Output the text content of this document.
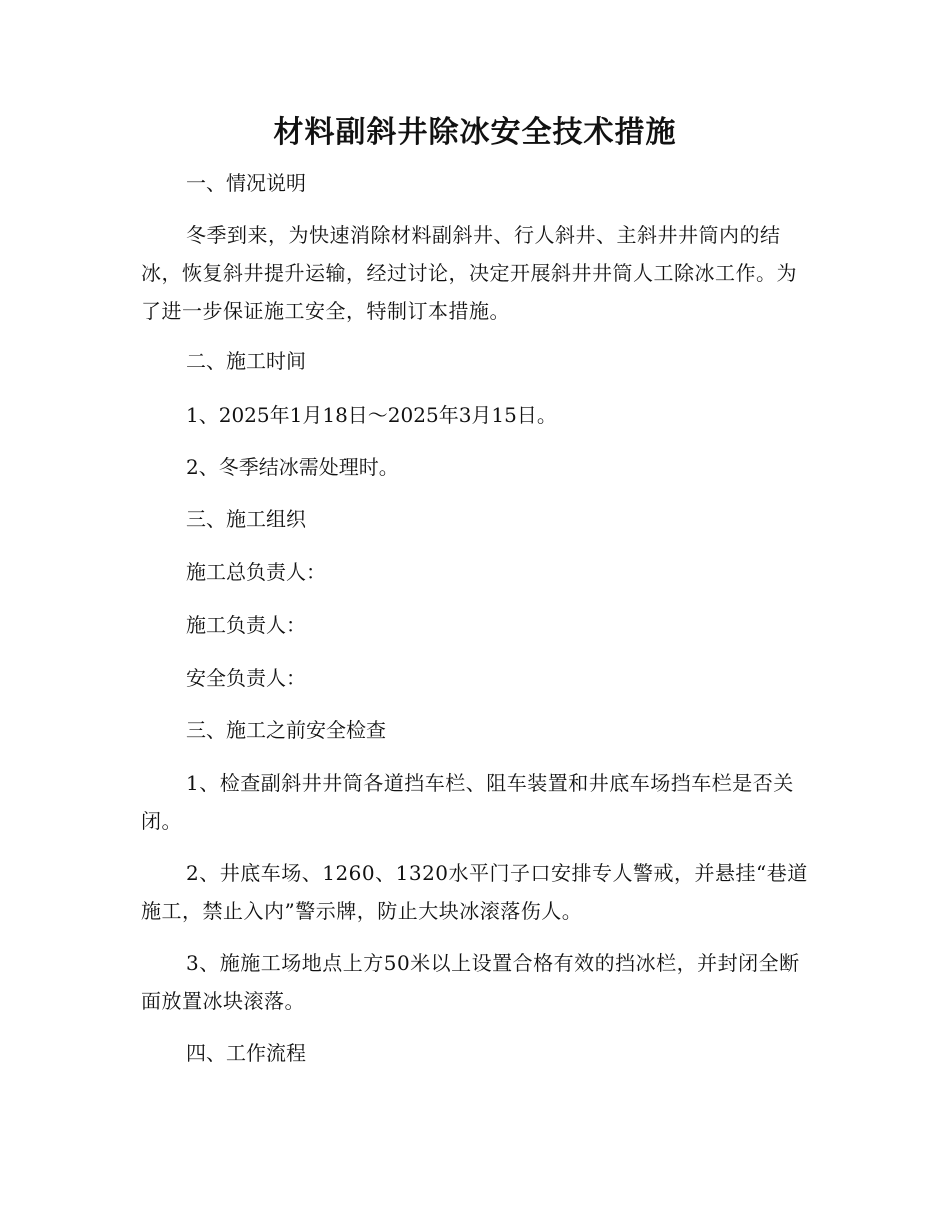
材料副斜井除冰安全技术措施

一、情况说明

冬季到来，为快速消除材料副斜井、行人斜井、主斜井井筒内的结冰，恢复斜井提升运输，经过讨论，决定开展斜井井筒人工除冰工作。为了进一步保证施工安全，特制订本措施。

二、施工时间

1、2025年1月18日～2025年3月15日。

2、冬季结冰需处理时。

三、施工组织

施工总负责人：

施工负责人：

安全负责人：

三、施工之前安全检查

1、检查副斜井井筒各道挡车栏、阻车装置和井底车场挡车栏是否关闭。

2、井底车场、1260、1320水平门子口安排专人警戒，并悬挂“巷道施工，禁止入内”警示牌，防止大块冰滚落伤人。

3、施施工场地点上方50米以上设置合格有效的挡冰栏，并封闭全断面放置冰块滚落。

四、工作流程
